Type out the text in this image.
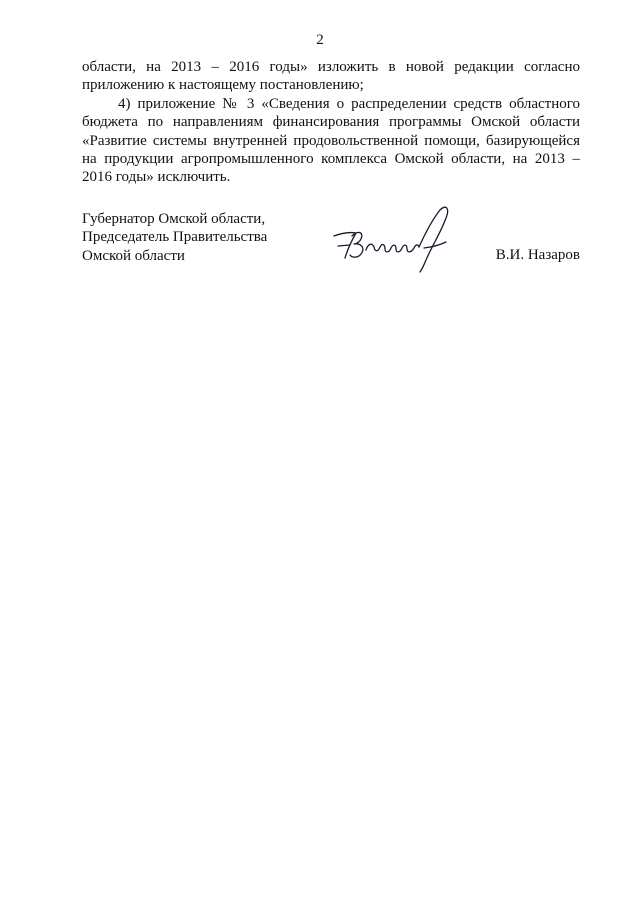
2

области, на 2013 – 2016 годы» изложить в новой редакции согласно приложению к настоящему постановлению;

4) приложение № 3 «Сведения о распределении средств областного бюджета по направлениям финансирования программы Омской области «Развитие системы внутренней продовольственной помощи, базирующейся на продукции агропромышленного комплекса Омской области, на 2013 – 2016 годы» исключить.

Губернатор Омской области,
Председатель Правительства
Омской области	В.И. Назаров
